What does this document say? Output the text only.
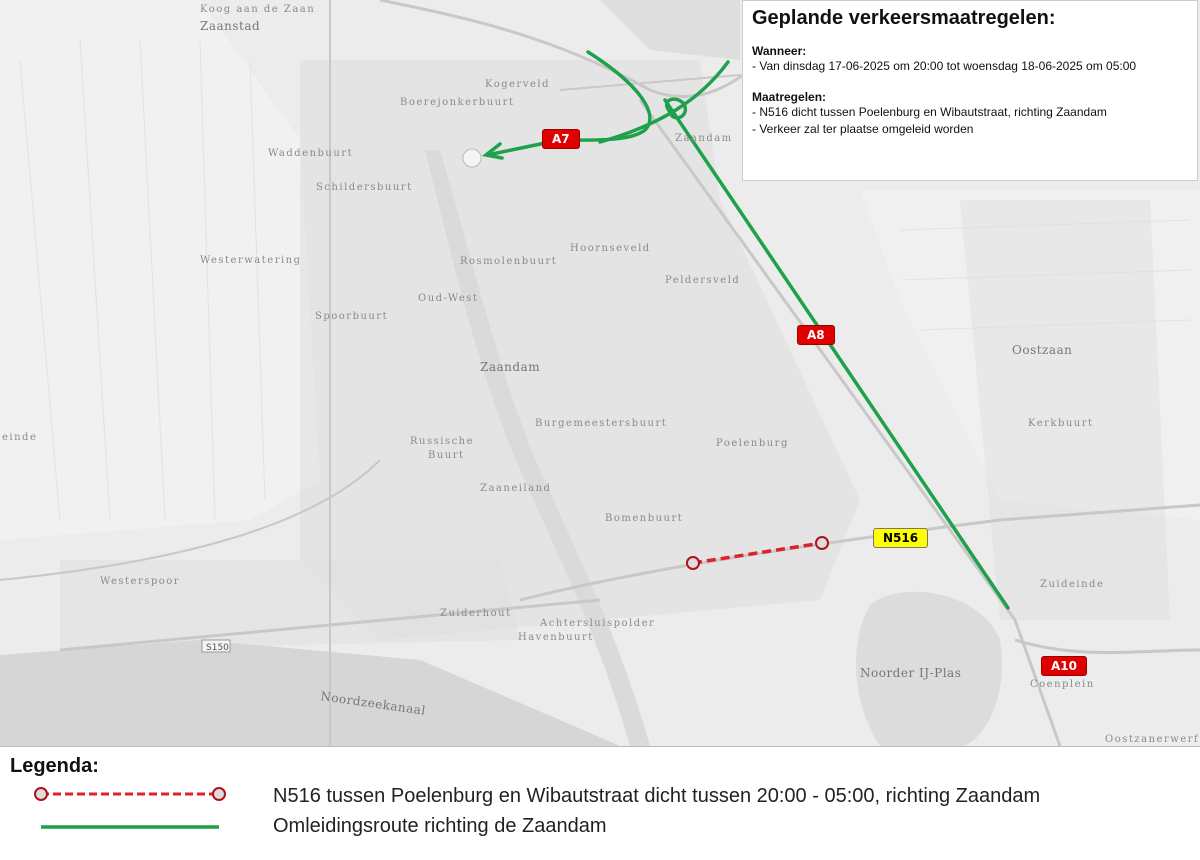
Koog aan de Zaan
Zaanstad
Kogerveld
Boerejonkerbuurt
Waddenbuurt
Schildersbuurt
Westerwatering	Rosmolenbuurt
Hoornseveld
Peldersveld
Oud-West
Spoorbuurt
Zaandam
Zaandam
Oostzaan
Burgemeestersbuurt
Poelenburg
Kerkbuurt
Russische
Buurt
Zaaneiland
Bomenbuurt
Westerspoor
Zuiderhout
Zuideinde
Achtersluispolder
Havenbuurt
Noorder IJ-Plas
Coenplein
Noordzeekanaal
Oostzanerwerf
einde
S150
A7
A8
A10
N516
Geplande verkeersmaatregelen:
Wanneer:
- Van dinsdag 17-06-2025 om 20:00 tot woensdag 18-06-2025 om 05:00
Maatregelen:
- N516 dicht tussen Poelenburg en Wibautstraat, richting Zaandam
- Verkeer zal ter plaatse omgeleid worden
Legenda:
N516 tussen Poelenburg en Wibautstraat dicht tussen 20:00 - 05:00, richting Zaandam
Omleidingsroute richting de Zaandam
